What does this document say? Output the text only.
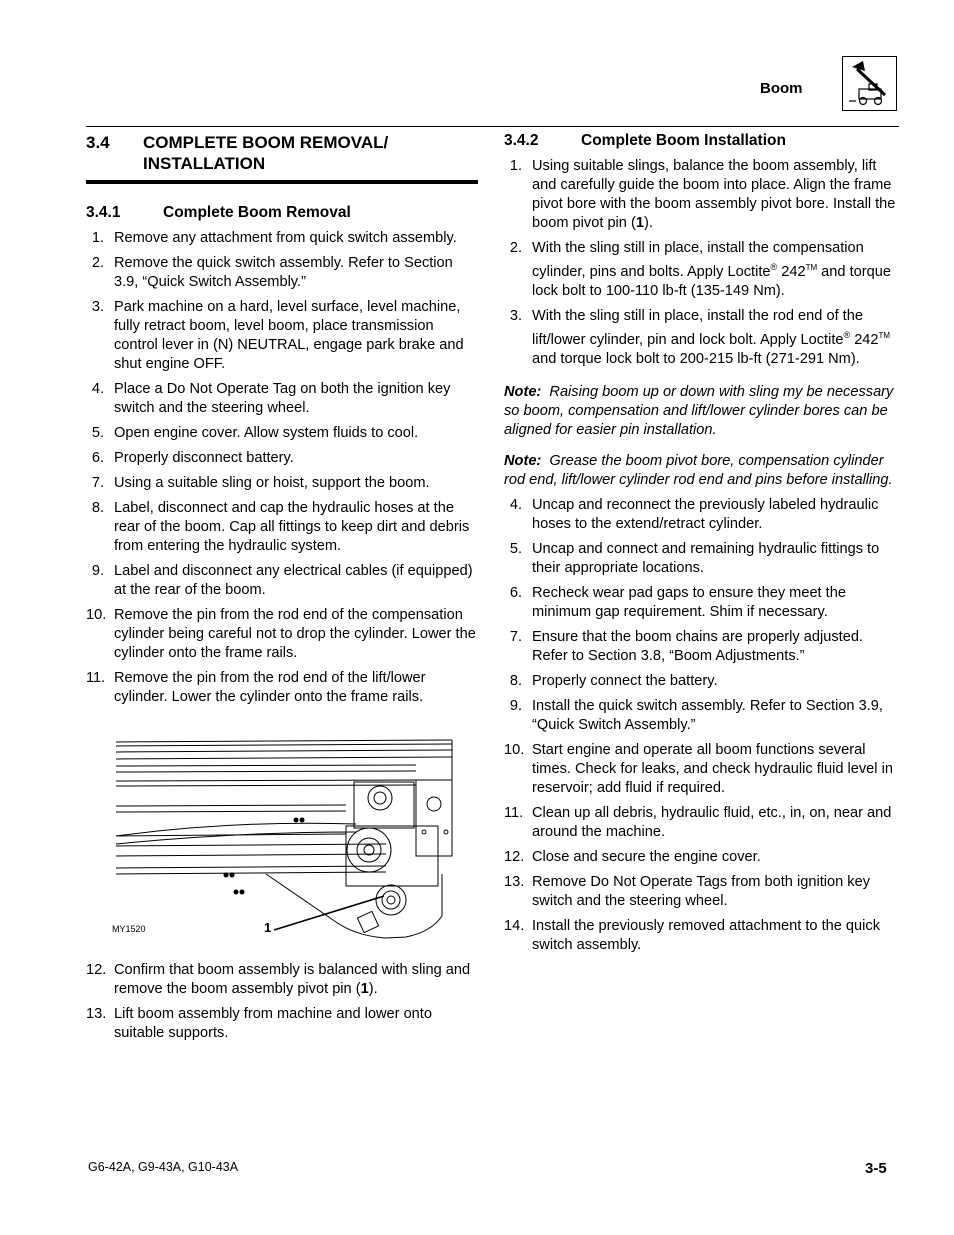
Boom
3.4 COMPLETE BOOM REMOVAL/ INSTALLATION
3.4.1	Complete Boom Removal
1. Remove any attachment from quick switch assembly.
2. Remove the quick switch assembly. Refer to Section 3.9, “Quick Switch Assembly.”
3. Park machine on a hard, level surface, level machine, fully retract boom, level boom, place transmission control lever in (N) NEUTRAL, engage park brake and shut engine OFF.
4. Place a Do Not Operate Tag on both the ignition key switch and the steering wheel.
5. Open engine cover. Allow system fluids to cool.
6. Properly disconnect battery.
7. Using a suitable sling or hoist, support the boom.
8. Label, disconnect and cap the hydraulic hoses at the rear of the boom. Cap all fittings to keep dirt and debris from entering the hydraulic system.
9. Label and disconnect any electrical cables (if equipped) at the rear of the boom.
10. Remove the pin from the rod end of the compensation cylinder being careful not to drop the cylinder. Lower the cylinder onto the frame rails.
11. Remove the pin from the rod end of the lift/lower cylinder. Lower the cylinder onto the frame rails.
MY1520	1
12. Confirm that boom assembly is balanced with sling and remove the boom assembly pivot pin (1).
13. Lift boom assembly from machine and lower onto suitable supports.
3.4.2	Complete Boom Installation
1. Using suitable slings, balance the boom assembly, lift and carefully guide the boom into place. Align the frame pivot bore with the boom assembly pivot bore. Install the boom pivot pin (1).
2. With the sling still in place, install the compensation cylinder, pins and bolts. Apply Loctite® 242™ and torque lock bolt to 100-110 lb-ft (135-149 Nm).
3. With the sling still in place, install the rod end of the lift/lower cylinder, pin and lock bolt. Apply Loctite® 242™ and torque lock bolt to 200-215 lb-ft (271-291 Nm).
Note: Raising boom up or down with sling my be necessary so boom, compensation and lift/lower cylinder bores can be aligned for easier pin installation.
Note: Grease the boom pivot bore, compensation cylinder rod end, lift/lower cylinder rod end and pins before installing.
4. Uncap and reconnect the previously labeled hydraulic hoses to the extend/retract cylinder.
5. Uncap and connect and remaining hydraulic fittings to their appropriate locations.
6. Recheck wear pad gaps to ensure they meet the minimum gap requirement. Shim if necessary.
7. Ensure that the boom chains are properly adjusted. Refer to Section 3.8, “Boom Adjustments.”
8. Properly connect the battery.
9. Install the quick switch assembly. Refer to Section 3.9, “Quick Switch Assembly.”
10. Start engine and operate all boom functions several times. Check for leaks, and check hydraulic fluid level in reservoir; add fluid if required.
11. Clean up all debris, hydraulic fluid, etc., in, on, near and around the machine.
12. Close and secure the engine cover.
13. Remove Do Not Operate Tags from both ignition key switch and the steering wheel.
14. Install the previously removed attachment to the quick switch assembly.
G6-42A, G9-43A, G10-43A	3-5
